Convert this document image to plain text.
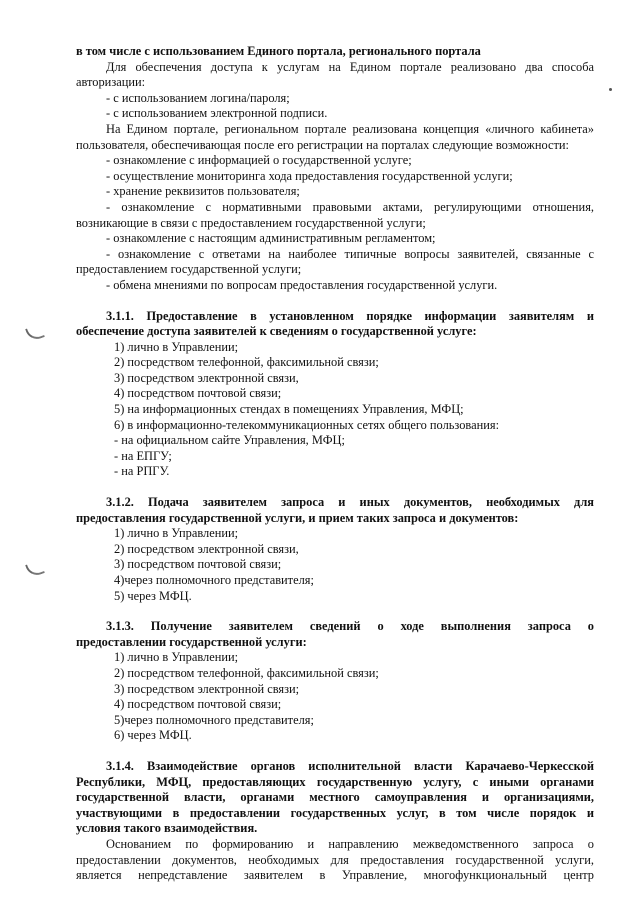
в том числе с использованием Единого портала, регионального портала
Для обеспечения доступа к услугам на Едином портале реализовано два способа
авторизации:
- с использованием логина/пароля;
- с использованием электронной подписи.
На Едином портале, региональном портале реализована концепция «личного кабинета»
пользователя, обеспечивающая после его регистрации на порталах следующие возможности:
- ознакомление с информацией о государственной услуге;
- осуществление мониторинга хода предоставления государственной услуги;
- хранение реквизитов пользователя;
- ознакомление с нормативными правовыми актами, регулирующими отношения,
возникающие в связи с предоставлением государственной услуги;
- ознакомление с настоящим административным регламентом;
- ознакомление с ответами на наиболее типичные вопросы заявителей, связанные с
предоставлением государственной услуги;
- обмена мнениями по вопросам предоставления государственной услуги.
3.1.1. Предоставление в установленном порядке информации заявителям и
обеспечение доступа заявителей к сведениям о государственной услуге:
1) лично в Управлении;
2) посредством телефонной, факсимильной связи;
3) посредством электронной связи,
4) посредством почтовой связи;
5) на информационных стендах в помещениях Управления, МФЦ;
6) в информационно-телекоммуникационных сетях общего пользования:
- на официальном сайте Управления, МФЦ;
- на ЕПГУ;
- на РПГУ.
3.1.2. Подача заявителем запроса и иных документов, необходимых для
предоставления государственной услуги, и прием таких запроса и документов:
1) лично в Управлении;
2) посредством электронной связи,
3) посредством почтовой связи;
4)через полномочного представителя;
5) через МФЦ.
3.1.3. Получение заявителем сведений о ходе выполнения запроса о
предоставлении государственной услуги:
1) лично в Управлении;
2) посредством телефонной, факсимильной связи;
3) посредством электронной связи;
4) посредством почтовой связи;
5)через полномочного представителя;
6) через МФЦ.
3.1.4. Взаимодействие органов исполнительной власти Карачаево-Черкесской
Республики, МФЦ, предоставляющих государственную услугу, с иными органами
государственной власти, органами местного самоуправления и организациями,
участвующими в предоставлении государственных услуг, в том числе порядок и
условия такого взаимодействия.
Основанием по формированию и направлению межведомственного запроса о
предоставлении документов, необходимых для предоставления государственной услуги,
является непредставление заявителем в Управление, многофункциональный центр
